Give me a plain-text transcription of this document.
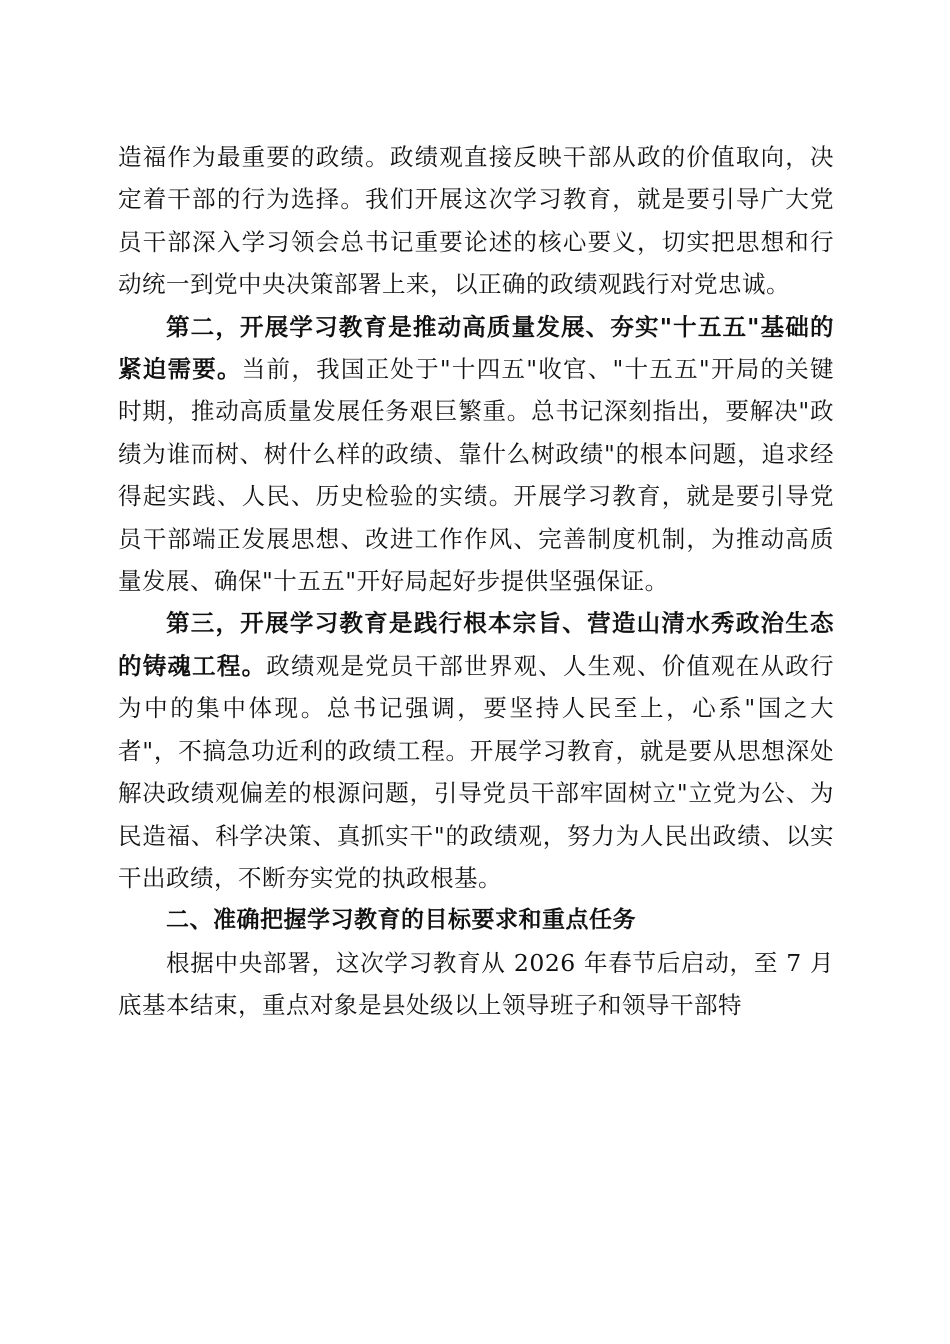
造福作为最重要的政绩。政绩观直接反映干部从政的价值取向，决定着干部的行为选择。我们开展这次学习教育，就是要引导广大党员干部深入学习领会总书记重要论述的核心要义，切实把思想和行动统一到党中央决策部署上来，以正确的政绩观践行对党忠诚。

第二，开展学习教育是推动高质量发展、夯实"十五五"基础的紧迫需要。当前，我国正处于"十四五"收官、"十五五"开局的关键时期，推动高质量发展任务艰巨繁重。总书记深刻指出，要解决"政绩为谁而树、树什么样的政绩、靠什么树政绩"的根本问题，追求经得起实践、人民、历史检验的实绩。开展学习教育，就是要引导党员干部端正发展思想、改进工作作风、完善制度机制，为推动高质量发展、确保"十五五"开好局起好步提供坚强保证。

第三，开展学习教育是践行根本宗旨、营造山清水秀政治生态的铸魂工程。政绩观是党员干部世界观、人生观、价值观在从政行为中的集中体现。总书记强调，要坚持人民至上，心系"国之大者"，不搞急功近利的政绩工程。开展学习教育，就是要从思想深处解决政绩观偏差的根源问题，引导党员干部牢固树立"立党为公、为民造福、科学决策、真抓实干"的政绩观，努力为人民出政绩、以实干出政绩，不断夯实党的执政根基。

二、准确把握学习教育的目标要求和重点任务

根据中央部署，这次学习教育从 2026 年春节后启动，至 7 月底基本结束，重点对象是县处级以上领导班子和领导干部特
